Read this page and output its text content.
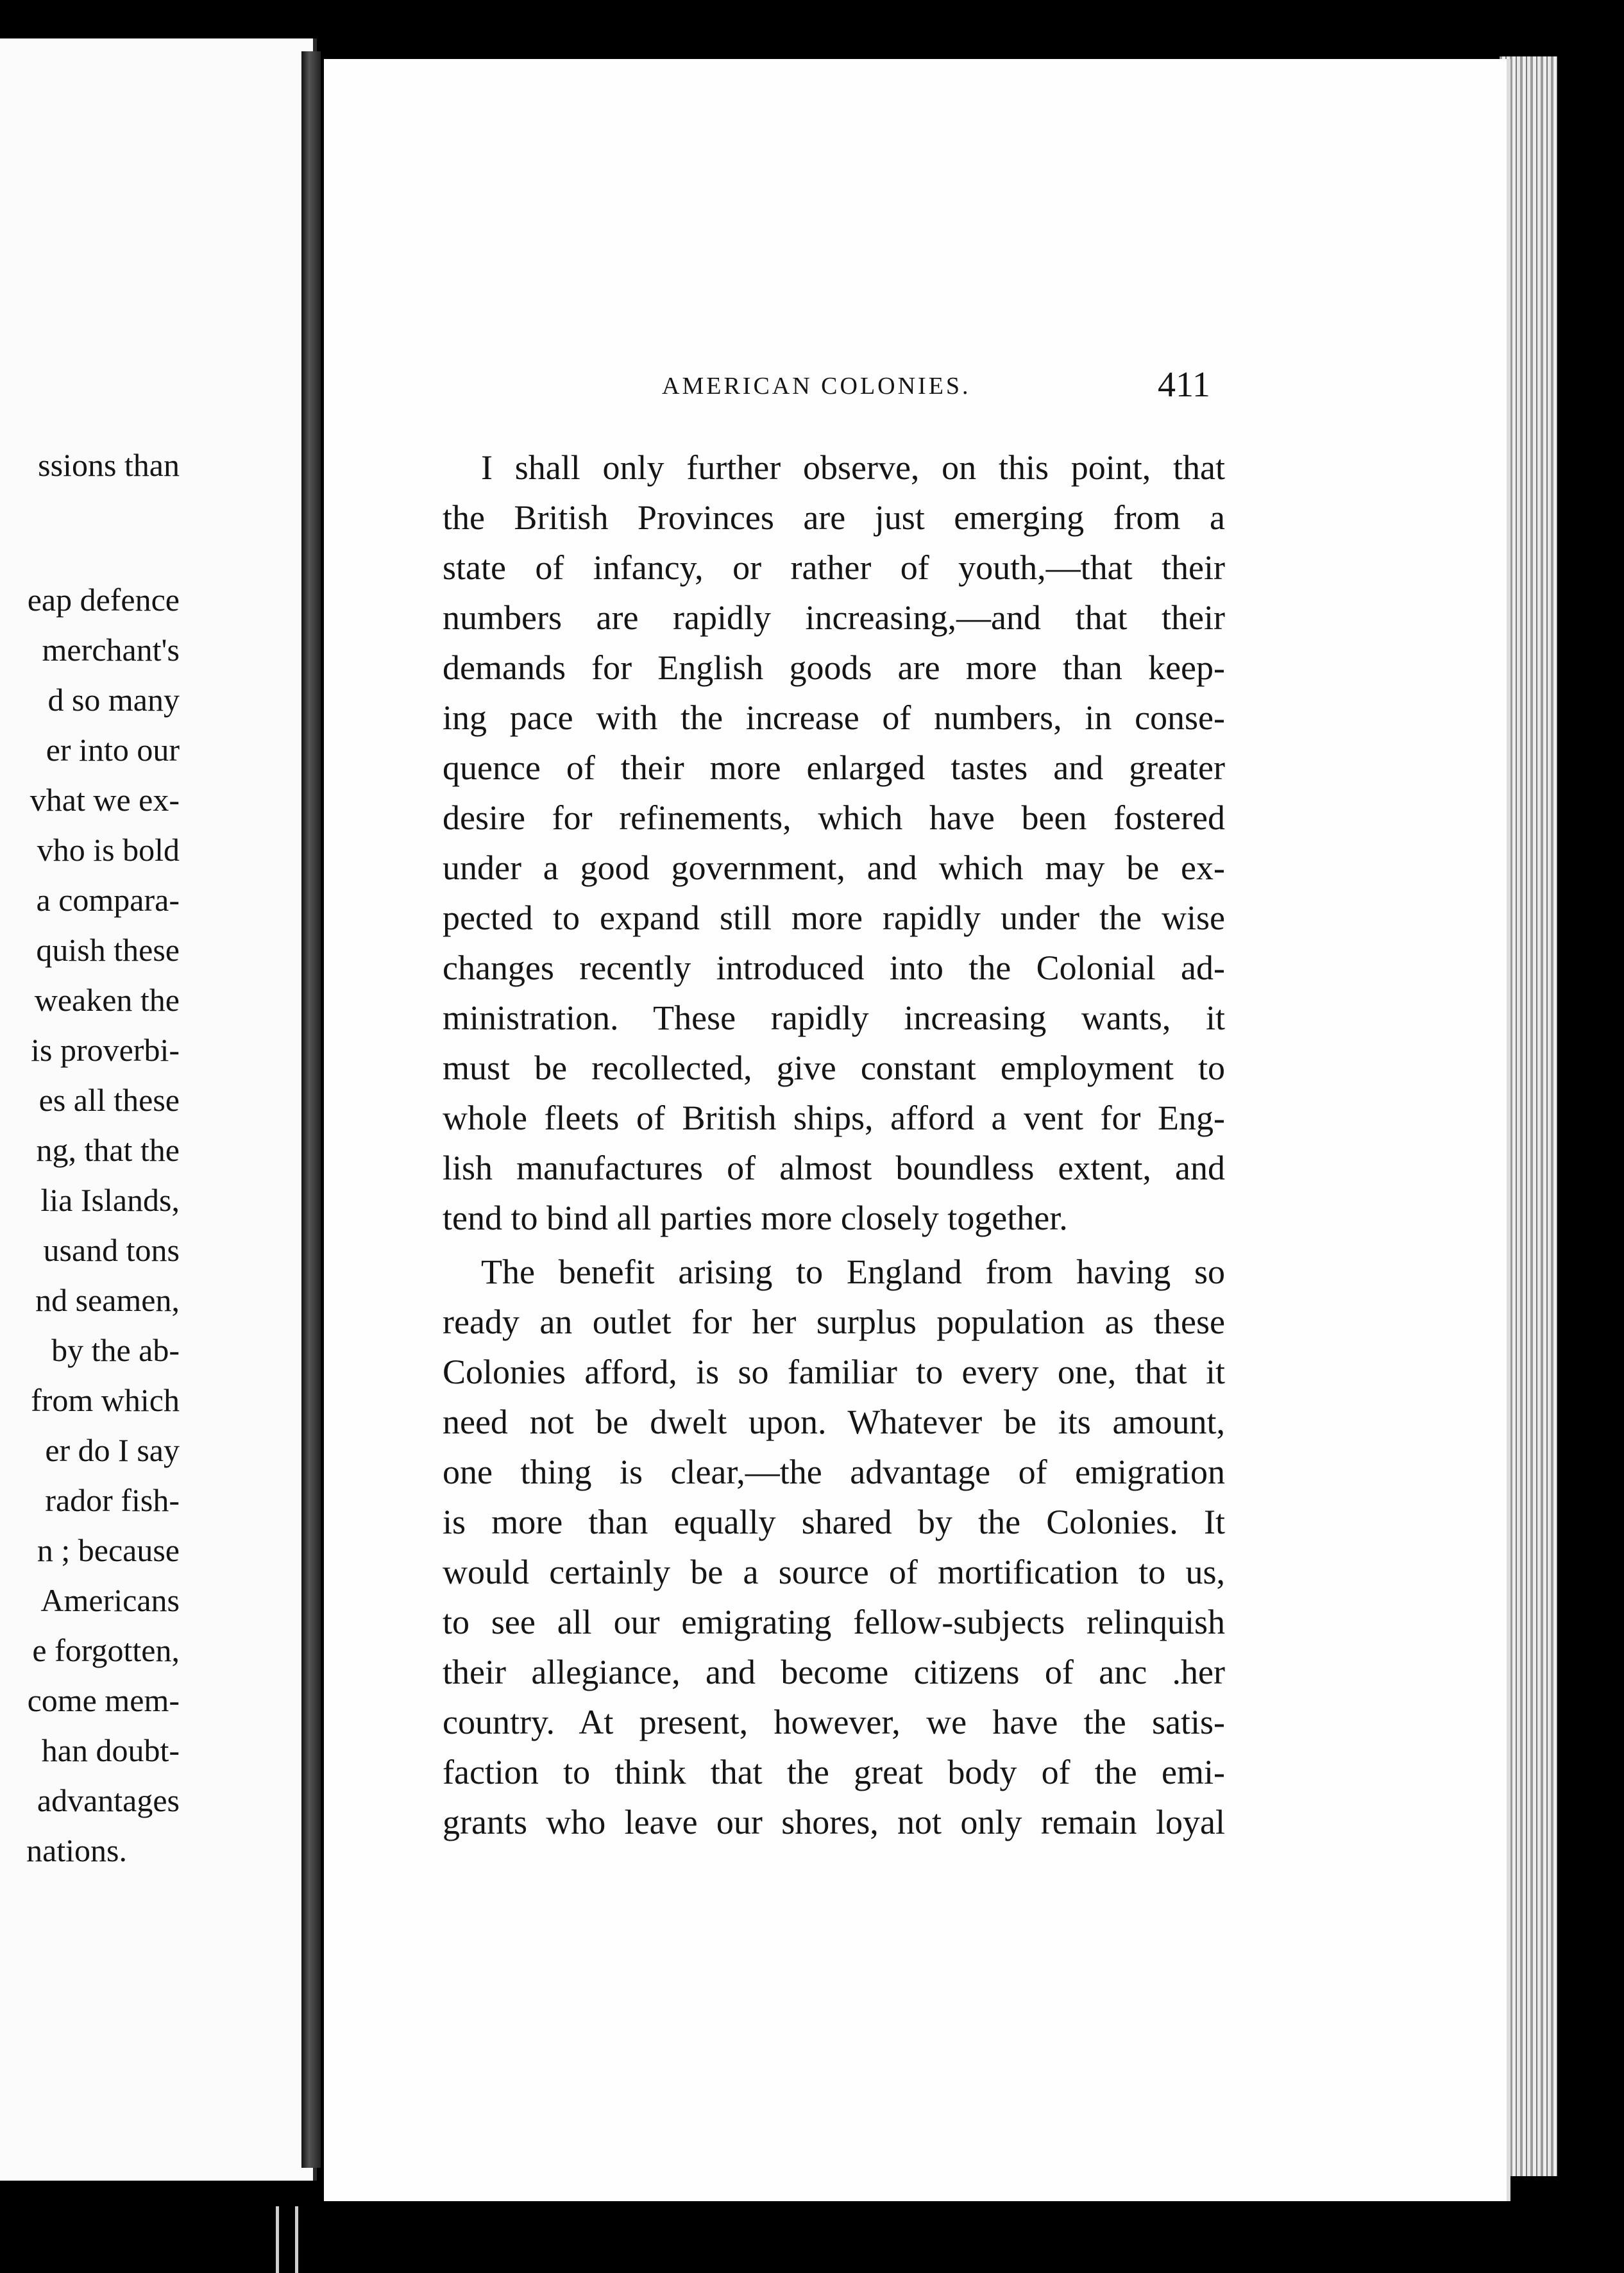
ssions than
eap defence
merchant's
d so many
er into our
vhat we ex-
vho is bold
a compara-
quish these
weaken the
is proverbi-
es all these
ng, that the
lia Islands,
usand tons
nd seamen,
by the ab-
from which
er do I say
rador fish-
n ; because
Americans
e forgotten,
come mem-
han doubt-
advantages
nations.
AMERICAN COLONIES.	411
I shall only further observe, on this point, that
the British Provinces are just emerging from a
state of infancy, or rather of youth,—that their
numbers are rapidly increasing,—and that their
demands for English goods are more than keep-
ing pace with the increase of numbers, in conse-
quence of their more enlarged tastes and greater
desire for refinements, which have been fostered
under a good government, and which may be ex-
pected to expand still more rapidly under the wise
changes recently introduced into the Colonial ad-
ministration. These rapidly increasing wants, it
must be recollected, give constant employment to
whole fleets of British ships, afford a vent for Eng-
lish manufactures of almost boundless extent, and
tend to bind all parties more closely together.
The benefit arising to England from having so
ready an outlet for her surplus population as these
Colonies afford, is so familiar to every one, that it
need not be dwelt upon. Whatever be its amount,
one thing is clear,—the advantage of emigration
is more than equally shared by the Colonies. It
would certainly be a source of mortification to us,
to see all our emigrating fellow-subjects relinquish
their allegiance, and become citizens of anc .her
country. At present, however, we have the satis-
faction to think that the great body of the emi-
grants who leave our shores, not only remain loyal
